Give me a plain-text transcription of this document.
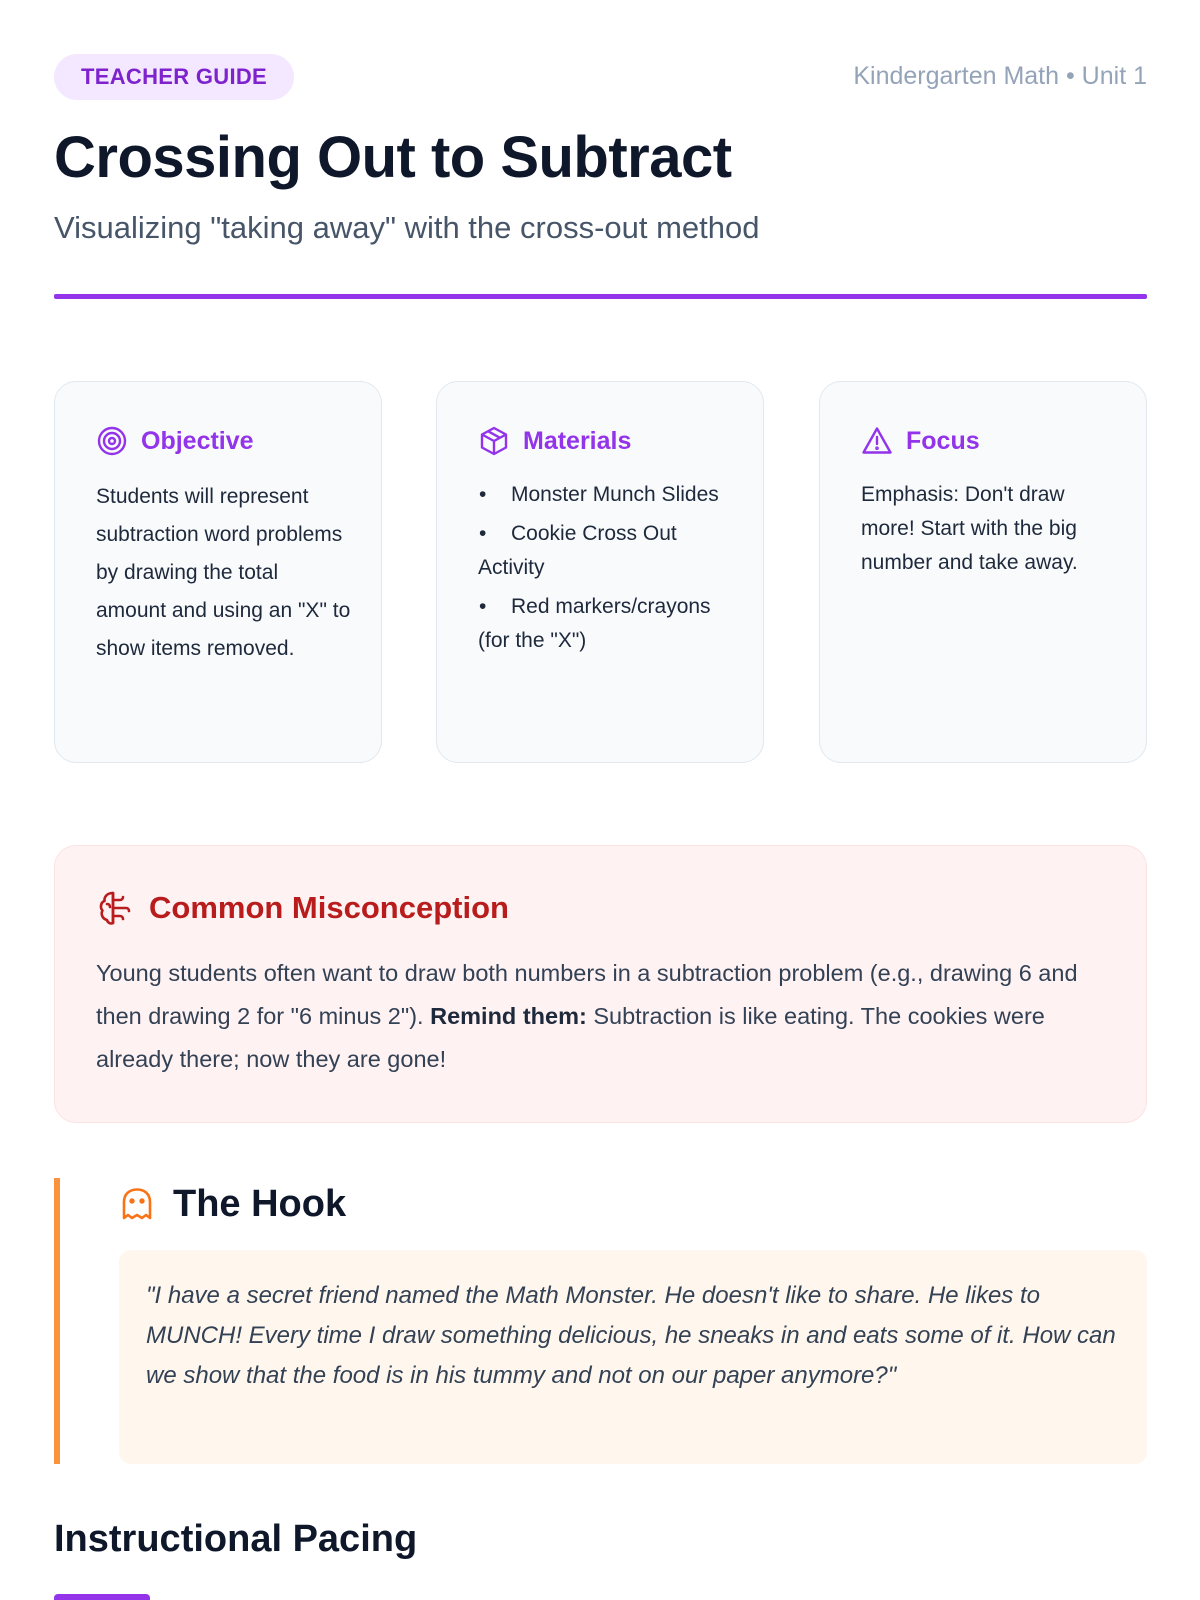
TEACHER GUIDE	Kindergarten Math • Unit 1
Crossing Out to Subtract
Visualizing "taking away" with the cross-out method
Objective

Students will represent subtraction word problems by drawing the total amount and using an "X" to show items removed.

Materials
• Monster Munch Slides
• Cookie Cross Out Activity
• Red markers/crayons (for the "X")
Focus

Emphasis: Don't draw more! Start with the big number and take away.

Common Misconception

Young students often want to draw both numbers in a subtraction problem (e.g., drawing 6 and then drawing 2 for "6 minus 2"). Remind them: Subtraction is like eating. The cookies were already there; now they are gone!

The Hook
"I have a secret friend named the Math Monster. He doesn't like to share. He likes to MUNCH! Every time I draw something delicious, he sneaks in and eats some of it. How can we show that the food is in his tummy and not on our paper anymore?"
Instructional Pacing
